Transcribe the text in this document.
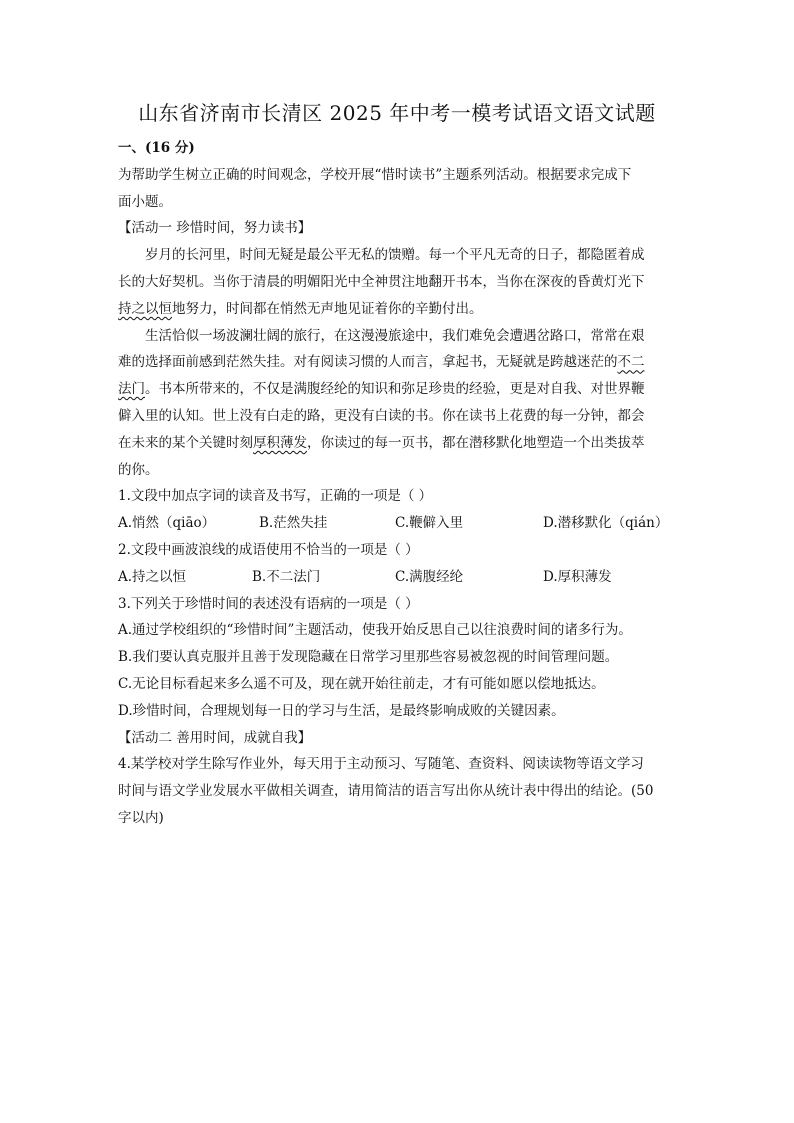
山东省济南市长清区 2025 年中考一模考试语文语文试题
一、(16 分)
为帮助学生树立正确的时间观念，学校开展“惜时读书”主题系列活动。根据要求完成下
面小题。
【活动一 珍惜时间，努力读书】
岁月的长河里，时间无疑是最公平无私的馈赠。每一个平凡无奇的日子，都隐匿着成
长的大好契机。当你于清晨的明媚阳光中全神贯注地翻开书本，当你在深夜的昏黄灯光下
持之以恒地努力，时间都在悄然无声地见证着你的辛勤付出。
生活恰似一场波澜壮阔的旅行，在这漫漫旅途中，我们难免会遭遇岔路口，常常在艰
难的选择面前感到茫然失挂。对有阅读习惯的人而言，拿起书，无疑就是跨越迷茫的不二
法门。书本所带来的，不仅是满腹经纶的知识和弥足珍贵的经验，更是对自我、对世界鞭
僻入里的认知。世上没有白走的路，更没有白读的书。你在读书上花费的每一分钟，都会
在未来的某个关键时刻厚积薄发，你读过的每一页书，都在潜移默化地塑造一个出类拔萃
的你。
1.文段中加点字词的读音及书写，正确的一项是（ ）
A.悄然（qiāo）	B.茫然失挂	C.鞭僻入里	D.潜移默化（qián）
2.文段中画波浪线的成语使用不恰当的一项是（ ）
A.持之以恒	B.不二法门	C.满腹经纶	D.厚积薄发
3.下列关于珍惜时间的表述没有语病的一项是（ ）
A.通过学校组织的“珍惜时间”主题活动，使我开始反思自己以往浪费时间的诸多行为。
B.我们要认真克服并且善于发现隐藏在日常学习里那些容易被忽视的时间管理问题。
C.无论目标看起来多么遥不可及，现在就开始往前走，才有可能如愿以偿地抵达。
D.珍惜时间，合理规划每一日的学习与生活，是最终影响成败的关键因素。
【活动二 善用时间，成就自我】
4.某学校对学生除写作业外，每天用于主动预习、写随笔、查资料、阅读读物等语文学习
时间与语文学业发展水平做相关调查，请用简洁的语言写出你从统计表中得出的结论。(50
字以内)
